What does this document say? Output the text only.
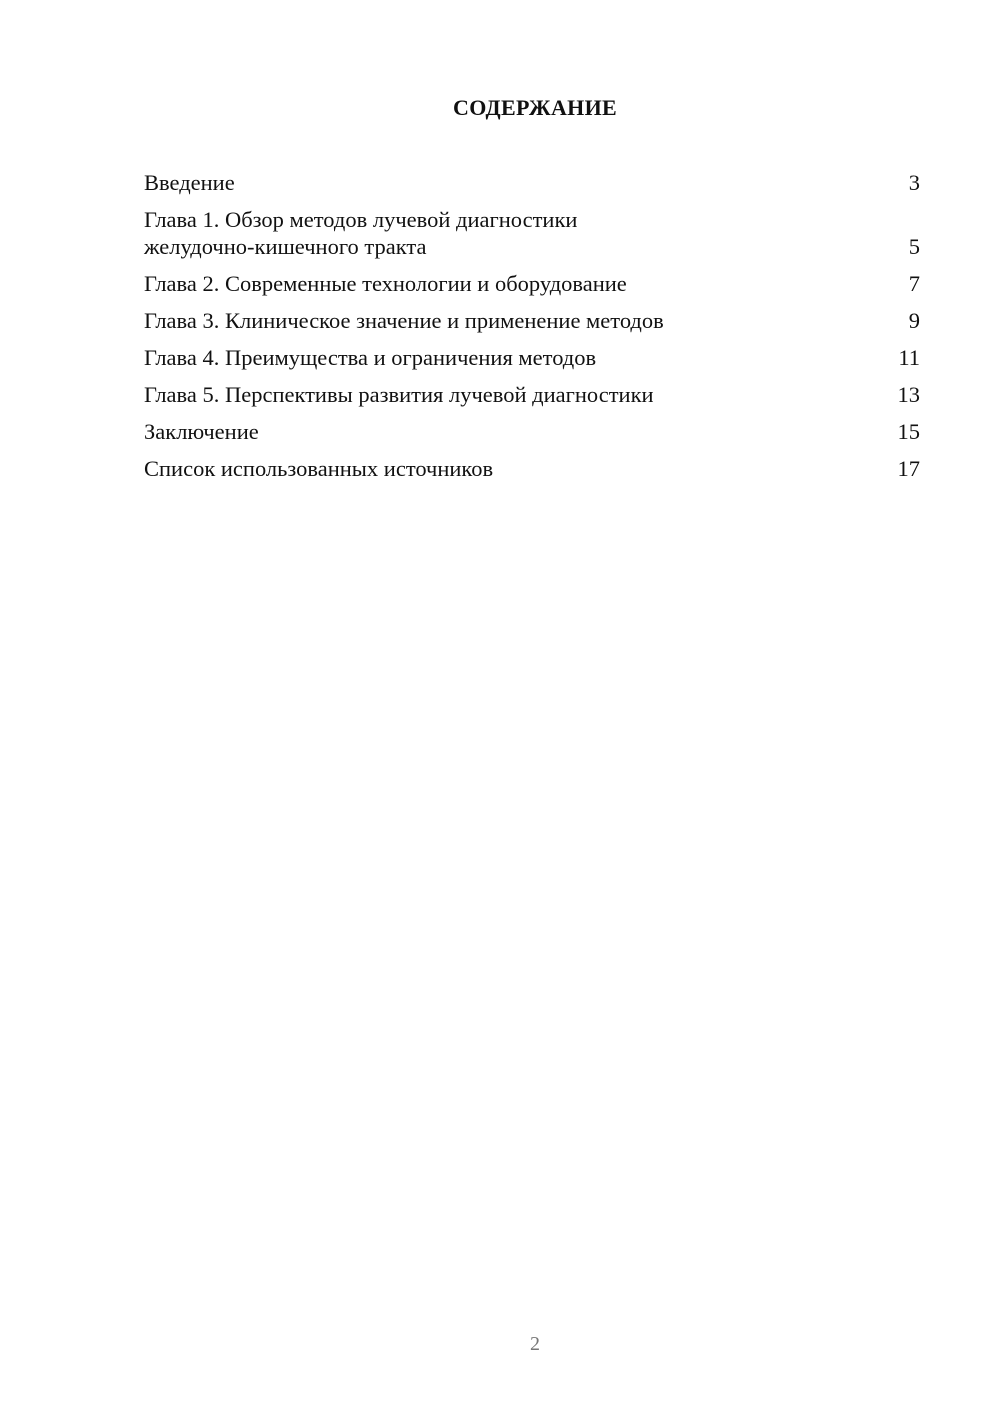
СОДЕРЖАНИЕ
Введение	3
Глава 1. Обзор методов лучевой диагностики
желудочно-кишечного тракта	5
Глава 2. Современные технологии и оборудование	7
Глава 3. Клиническое значение и применение методов	9
Глава 4. Преимущества и ограничения методов	11
Глава 5. Перспективы развития лучевой диагностики	13
Заключение	15
Список использованных источников	17
2
